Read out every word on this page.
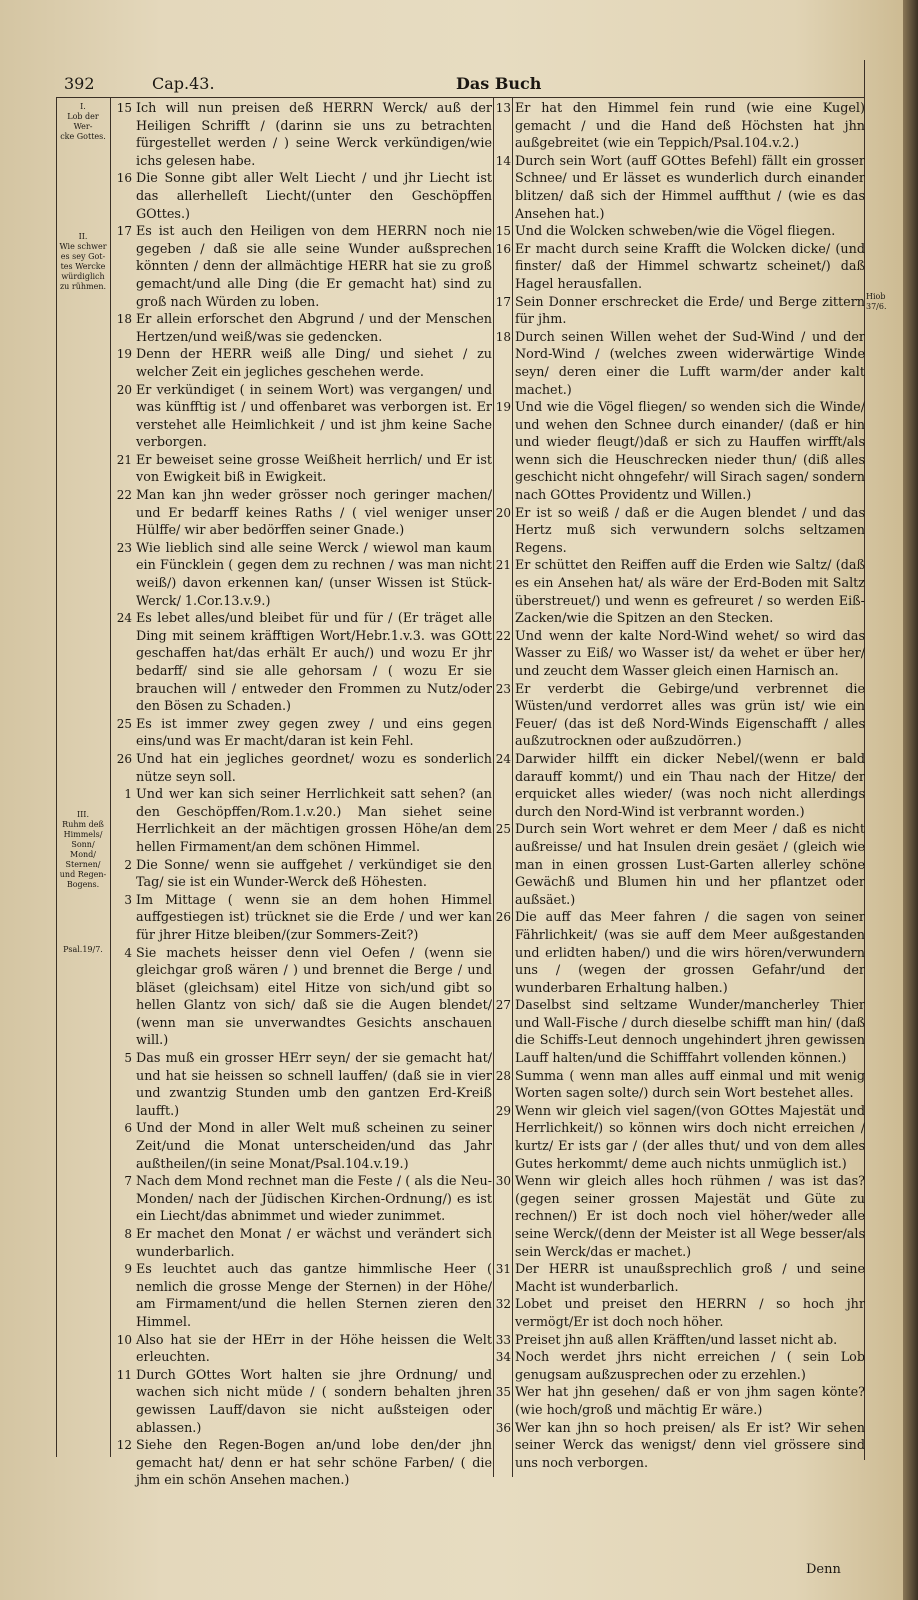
392	Cap.43.	Das Buch
I.
Lob der Wer-
cke Gottes.
II.
Wie schwer
es sey Got-
tes Wercke
würdiglich
zu rühmen.
III.
Ruhm deß
Himmels/
Sonn/
Mond/
Sternen/
und Regen-
Bogens.
Psal.19/7.
Hiob 37/6.

15 Ich will nun preisen deß HERRN Werck/ auß der Heiligen Schrifft / (darinn sie uns zu betrachten fürgestellet werden / ) seine Werck verkündigen/wie ichs gelesen habe.

16 Die Sonne gibt aller Welt Liecht / und jhr Liecht ist das allerhelleſt Liecht/(unter den Geschöpffen GOttes.)

17 Es ist auch den Heiligen von dem HERRN noch nie gegeben / daß sie alle seine Wunder außsprechen könnten / denn der allmächtige HERR hat sie zu groß gemacht/und alle Ding (die Er gemacht hat) sind zu groß nach Würden zu loben.

18 Er allein erforschet den Abgrund / und der Menschen Hertzen/und weiß/was sie gedencken.

19 Denn der HERR weiß alle Ding/ und siehet / zu welcher Zeit ein jegliches geschehen werde.

20 Er verkündiget ( in seinem Wort) was vergangen/ und was künfftig ist / und offenbaret was verborgen ist. Er verstehet alle Heimlichkeit / und ist jhm keine Sache verborgen.

21 Er beweiset seine grosse Weißheit herrlich/ und Er ist von Ewigkeit biß in Ewigkeit.

22 Man kan jhn weder grösser noch geringer machen/ und Er bedarff keines Raths / ( viel weniger unser Hülffe/ wir aber bedörffen seiner Gnade.)

23 Wie lieblich sind alle seine Werck / wiewol man kaum ein Füncklein ( gegen dem zu rechnen / was man nicht weiß/) davon erkennen kan/ (unser Wissen ist Stück-Werck/ 1.Cor.13.v.9.)

24 Es lebet alles/und bleibet für und für / (Er träget alle Ding mit seinem kräfftigen Wort/Hebr.1.v.3. was GOtt geschaffen hat/das erhält Er auch/) und wozu Er jhr bedarff/ sind sie alle gehorsam / ( wozu Er sie brauchen will / entweder den Frommen zu Nutz/oder den Bösen zu Schaden.)

25 Es ist immer zwey gegen zwey / und eins gegen eins/und was Er macht/daran ist kein Fehl.

26 Und hat ein jegliches geordnet/ wozu es sonderlich nütze seyn soll.

1 Und wer kan sich seiner Herrlichkeit satt sehen? (an den Geschöpffen/Rom.1.v.20.) Man siehet seine Herrlichkeit an der mächtigen grossen Höhe/an dem hellen Firmament/an dem schönen Himmel.

2 Die Sonne/ wenn sie auffgehet / verkündiget sie den Tag/ sie ist ein Wunder-Werck deß Höhesten.

3 Im Mittage ( wenn sie an dem hohen Himmel auffgestiegen ist) trücknet sie die Erde / und wer kan für jhrer Hitze bleiben/(zur Sommers-Zeit?)

4 Sie machets heisser denn viel Oefen / (wenn sie gleichgar groß wären / ) und brennet die Berge / und bläset (gleichsam) eitel Hitze von sich/und gibt so hellen Glantz von sich/ daß sie die Augen blendet/ (wenn man sie unverwandtes Gesichts anschauen will.)

5 Das muß ein grosser HErr seyn/ der sie gemacht hat/ und hat sie heissen so schnell lauffen/ (daß sie in vier und zwantzig Stunden umb den gantzen Erd-Kreiß laufft.)

6 Und der Mond in aller Welt muß scheinen zu seiner Zeit/und die Monat unterscheiden/und das Jahr außtheilen/(in seine Monat/Psal.104.v.19.)

7 Nach dem Mond rechnet man die Feste / ( als die Neu-Monden/ nach der Jüdischen Kirchen-Ordnung/) es ist ein Liecht/das abnimmet und wieder zunimmet.

8 Er machet den Monat / er wächst und verändert sich wunderbarlich.

9 Es leuchtet auch das gantze himmlische Heer ( nemlich die grosse Menge der Sternen) in der Höhe/ am Firmament/und die hellen Sternen zieren den Himmel.

10 Also hat sie der HErr in der Höhe heissen die Welt erleuchten.

11 Durch GOttes Wort halten sie jhre Ordnung/ und wachen sich nicht müde / ( sondern behalten jhren gewissen Lauff/davon sie nicht außsteigen oder ablassen.)

12 Siehe den Regen-Bogen an/und lobe den/der jhn gemacht hat/ denn er hat sehr schöne Farben/ ( die jhm ein schön Ansehen machen.)

13 Er hat den Himmel fein rund (wie eine Kugel) gemacht / und die Hand deß Höchsten hat jhn außgebreitet (wie ein Teppich/Psal.104.v.2.)

14 Durch sein Wort (auff GOttes Befehl) fällt ein grosser Schnee/ und Er lässet es wunderlich durch einander blitzen/ daß sich der Himmel auffthut / (wie es das Ansehen hat.)

15 Und die Wolcken schweben/wie die Vögel fliegen.

16 Er macht durch seine Krafft die Wolcken dicke/ (und finster/ daß der Himmel schwartz scheinet/) daß Hagel herausfallen.

17 Sein Donner erschrecket die Erde/ und Berge zittern für jhm.

18 Durch seinen Willen wehet der Sud-Wind / und der Nord-Wind / (welches zween widerwärtige Winde seyn/ deren einer die Lufft warm/der ander kalt machet.)

19 Und wie die Vögel fliegen/ so wenden sich die Winde/ und wehen den Schnee durch einander/ (daß er hin und wieder fleugt/)daß er sich zu Hauffen wirfft/als wenn sich die Heuschrecken nieder thun/ (diß alles geschicht nicht ohngefehr/ will Sirach sagen/ sondern nach GOttes Providentz und Willen.)

20 Er ist so weiß / daß er die Augen blendet / und das Hertz muß sich verwundern solchs seltzamen Regens.

21 Er schüttet den Reiffen auff die Erden wie Saltz/ (daß es ein Ansehen hat/ als wäre der Erd-Boden mit Saltz überstreuet/) und wenn es gefreuret / so werden Eiß-Zacken/wie die Spitzen an den Stecken.

22 Und wenn der kalte Nord-Wind wehet/ so wird das Wasser zu Eiß/ wo Wasser ist/ da wehet er über her/ und zeucht dem Wasser gleich einen Harnisch an.

23 Er verderbt die Gebirge/und verbrennet die Wüsten/und verdorret alles was grün ist/ wie ein Feuer/ (das ist deß Nord-Winds Eigenschafft / alles außzutrocknen oder außzudörren.)

24 Darwider hilfft ein dicker Nebel/(wenn er bald darauff kommt/) und ein Thau nach der Hitze/ der erquicket alles wieder/ (was noch nicht allerdings durch den Nord-Wind ist verbrannt worden.)

25 Durch sein Wort wehret er dem Meer / daß es nicht außreisse/ und hat Insulen drein gesäet / (gleich wie man in einen grossen Lust-Garten allerley schöne Gewächß und Blumen hin und her pflantzet oder außsäet.)

26 Die auff das Meer fahren / die sagen von seiner Fährlichkeit/ (was sie auff dem Meer außgestanden und erlidten haben/) und die wirs hören/verwundern uns / (wegen der grossen Gefahr/und der wunderbaren Erhaltung halben.)

27 Daselbst sind seltzame Wunder/mancherley Thier und Wall-Fische / durch dieselbe schifft man hin/ (daß die Schiffs-Leut dennoch ungehindert jhren gewissen Lauff halten/und die Schifffahrt vollenden können.)

28 Summa ( wenn man alles auff einmal und mit wenig Worten sagen solte/) durch sein Wort bestehet alles.

29 Wenn wir gleich viel sagen/(von GOttes Majestät und Herrlichkeit/) so können wirs doch nicht erreichen / kurtz/ Er ists gar / (der alles thut/ und von dem alles Gutes herkommt/ deme auch nichts unmüglich ist.)

30 Wenn wir gleich alles hoch rühmen / was ist das? (gegen seiner grossen Majestät und Güte zu rechnen/) Er ist doch noch viel höher/weder alle seine Werck/(denn der Meister ist all Wege besser/als sein Werck/das er machet.)

31 Der HERR ist unaußsprechlich groß / und seine Macht ist wunderbarlich.

32 Lobet und preiset den HERRN / so hoch jhr vermögt/Er ist doch noch höher.

33 Preiset jhn auß allen Kräfften/und lasset nicht ab.

34 Noch werdet jhrs nicht erreichen / ( sein Lob genugsam außzusprechen oder zu erzehlen.)

35 Wer hat jhn gesehen/ daß er von jhm sagen könte? (wie hoch/groß und mächtig Er wäre.)

36 Wer kan jhn so hoch preisen/ als Er ist? Wir sehen seiner Werck das wenigst/ denn viel grössere sind uns noch verborgen.

Denn
